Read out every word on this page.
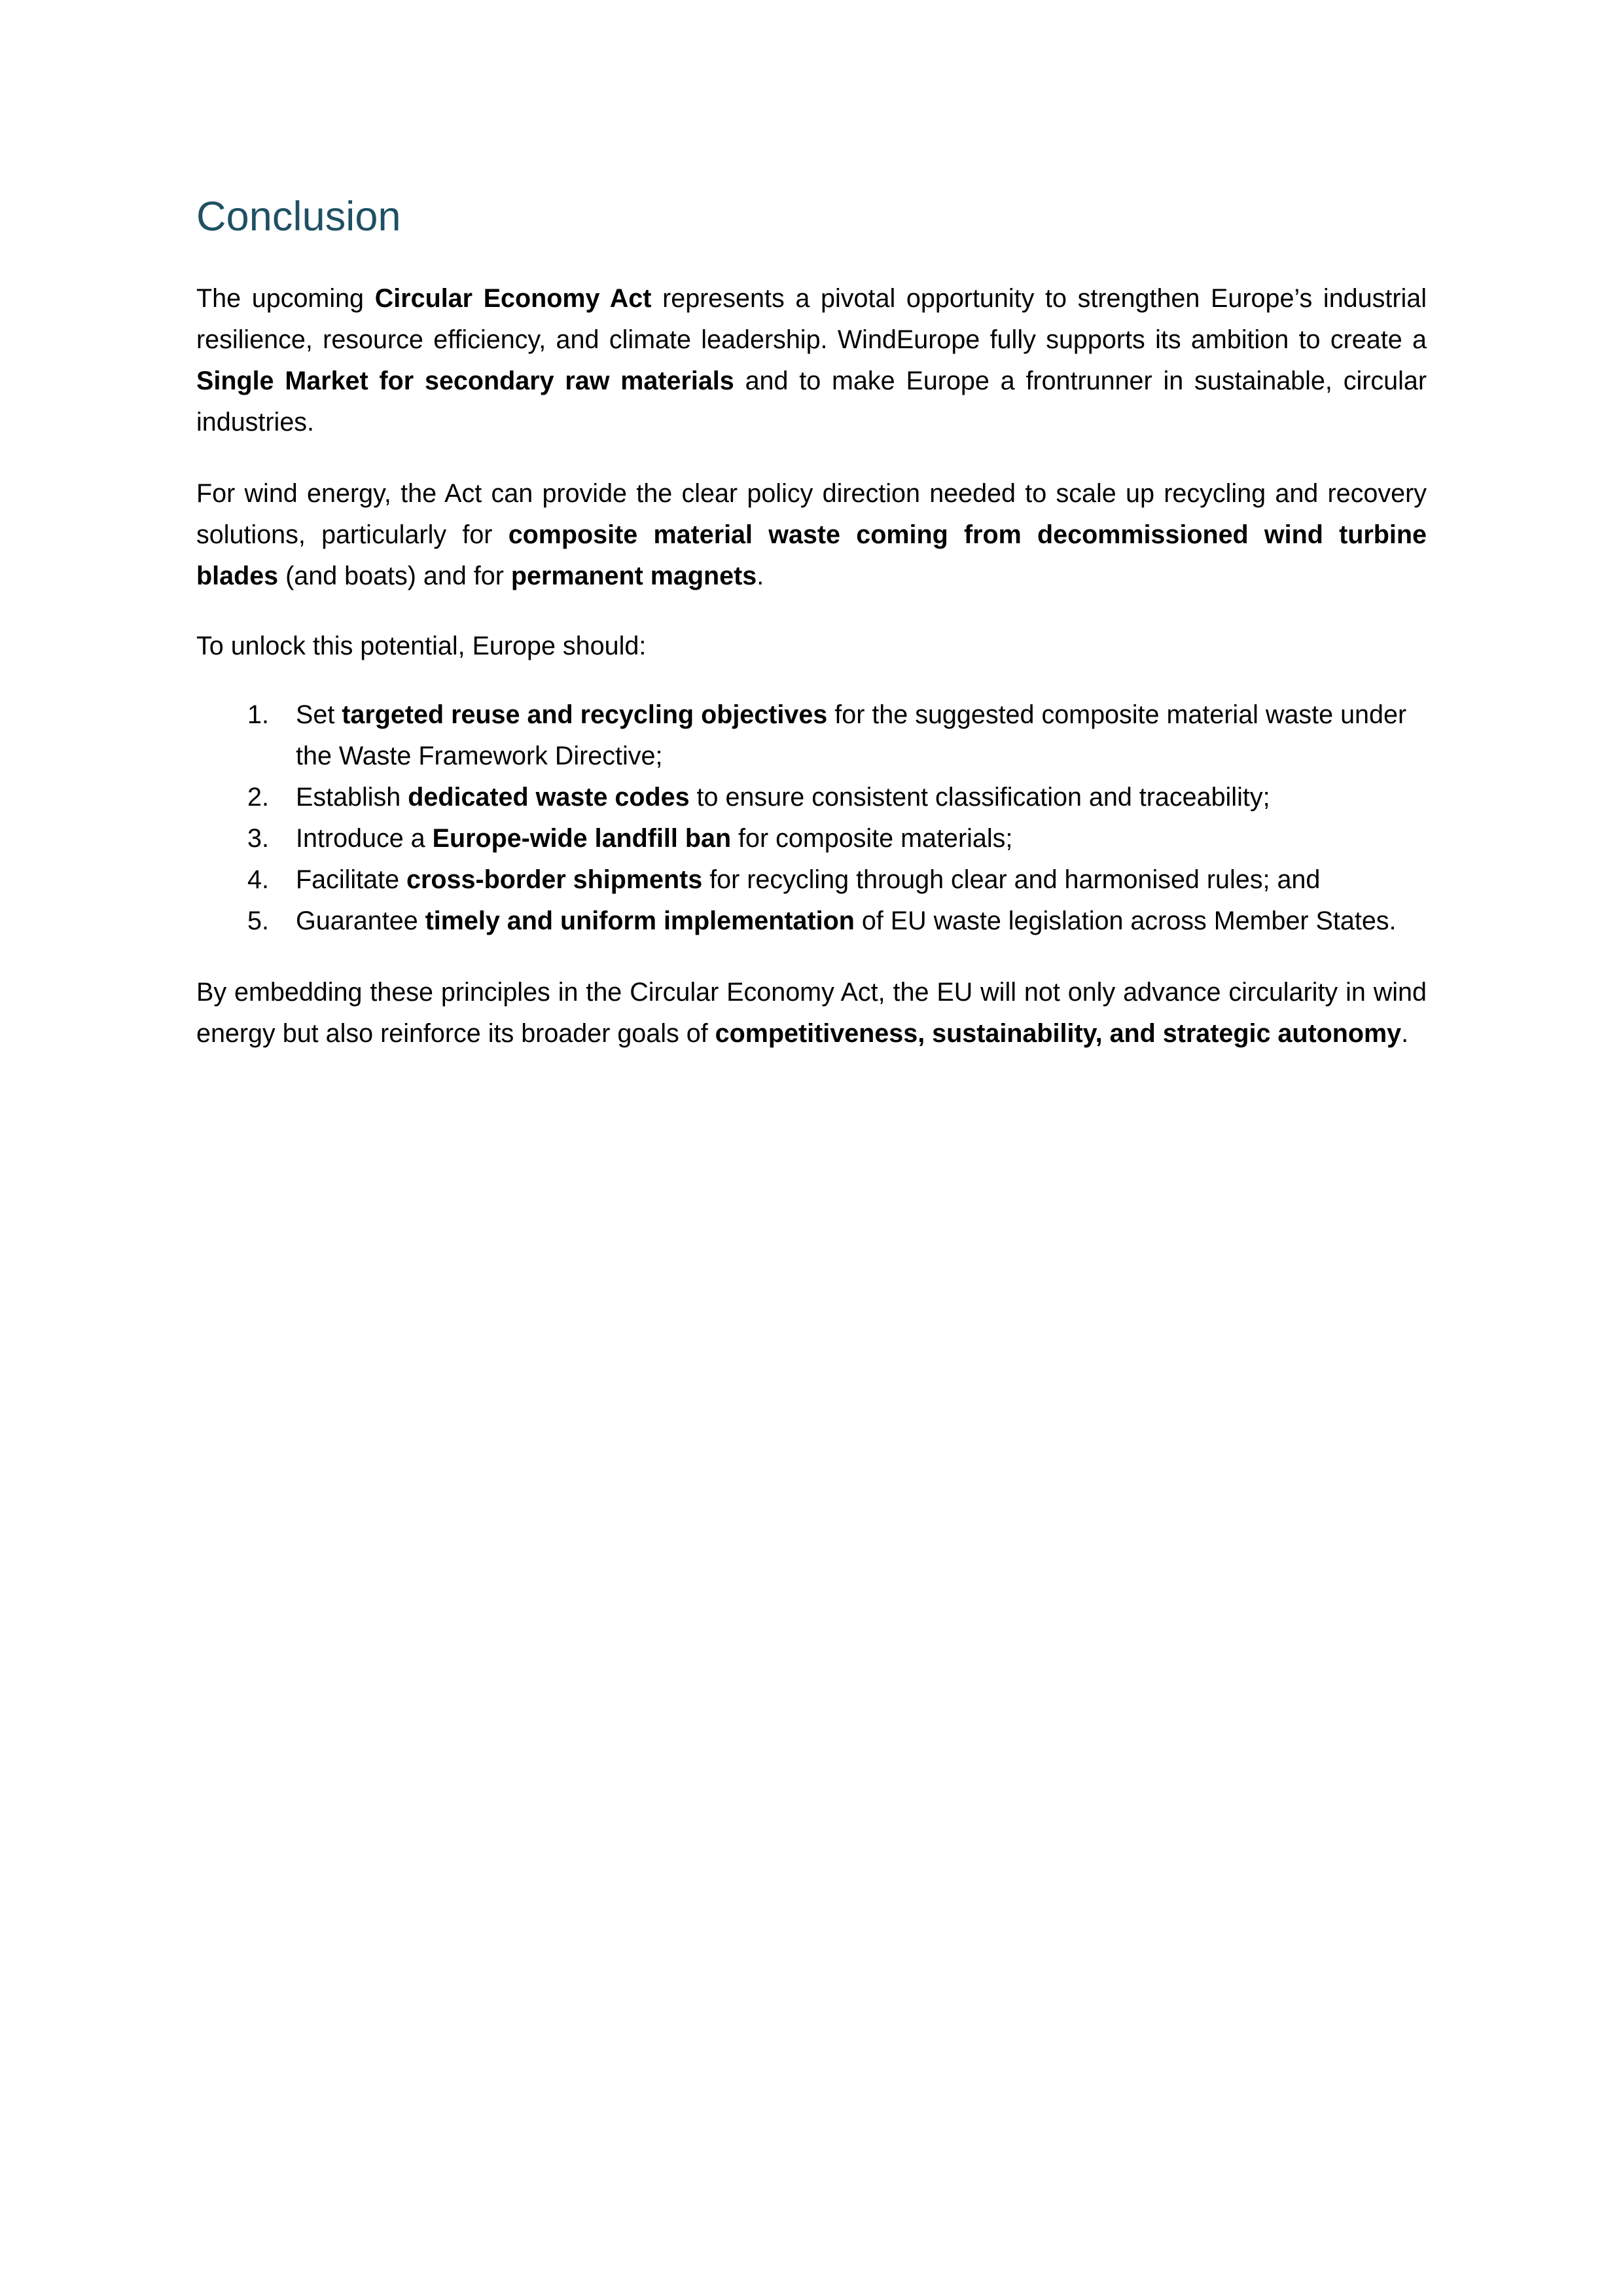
Conclusion

The upcoming Circular Economy Act represents a pivotal opportunity to strengthen Europe’s industrial resilience, resource efficiency, and climate leadership. WindEurope fully supports its ambition to create a Single Market for secondary raw materials and to make Europe a frontrunner in sustainable, circular industries.

For wind energy, the Act can provide the clear policy direction needed to scale up recycling and recovery solutions, particularly for composite material waste coming from decommissioned wind turbine blades (and boats) and for permanent magnets.

To unlock this potential, Europe should:

1.	Set targeted reuse and recycling objectives for the suggested composite material waste under the Waste Framework Directive;
2.	Establish dedicated waste codes to ensure consistent classification and traceability;
3.	Introduce a Europe-wide landfill ban for composite materials;
4.	Facilitate cross-border shipments for recycling through clear and harmonised rules; and
5.	Guarantee timely and uniform implementation of EU waste legislation across Member States.

By embedding these principles in the Circular Economy Act, the EU will not only advance circularity in wind energy but also reinforce its broader goals of competitiveness, sustainability, and strategic autonomy.
